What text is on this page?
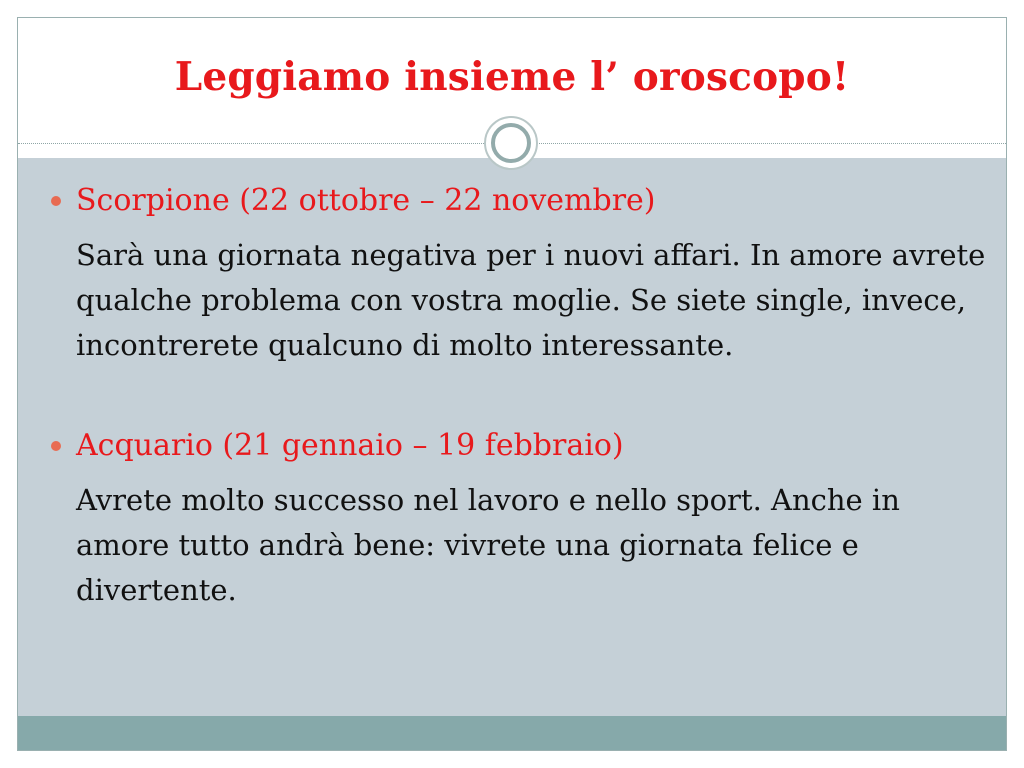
Leggiamo insieme l’ oroscopo!

Scorpione (22 ottobre – 22 novembre)

Sarà una giornata negativa per i nuovi affari. In amore avrete qualche problema con vostra moglie. Se siete single, invece, incontrerete qualcuno di molto interessante.

Acquario (21 gennaio – 19 febbraio)

Avrete molto successo nel lavoro e nello sport. Anche in amore tutto andrà bene: vivrete una giornata felice e divertente.
